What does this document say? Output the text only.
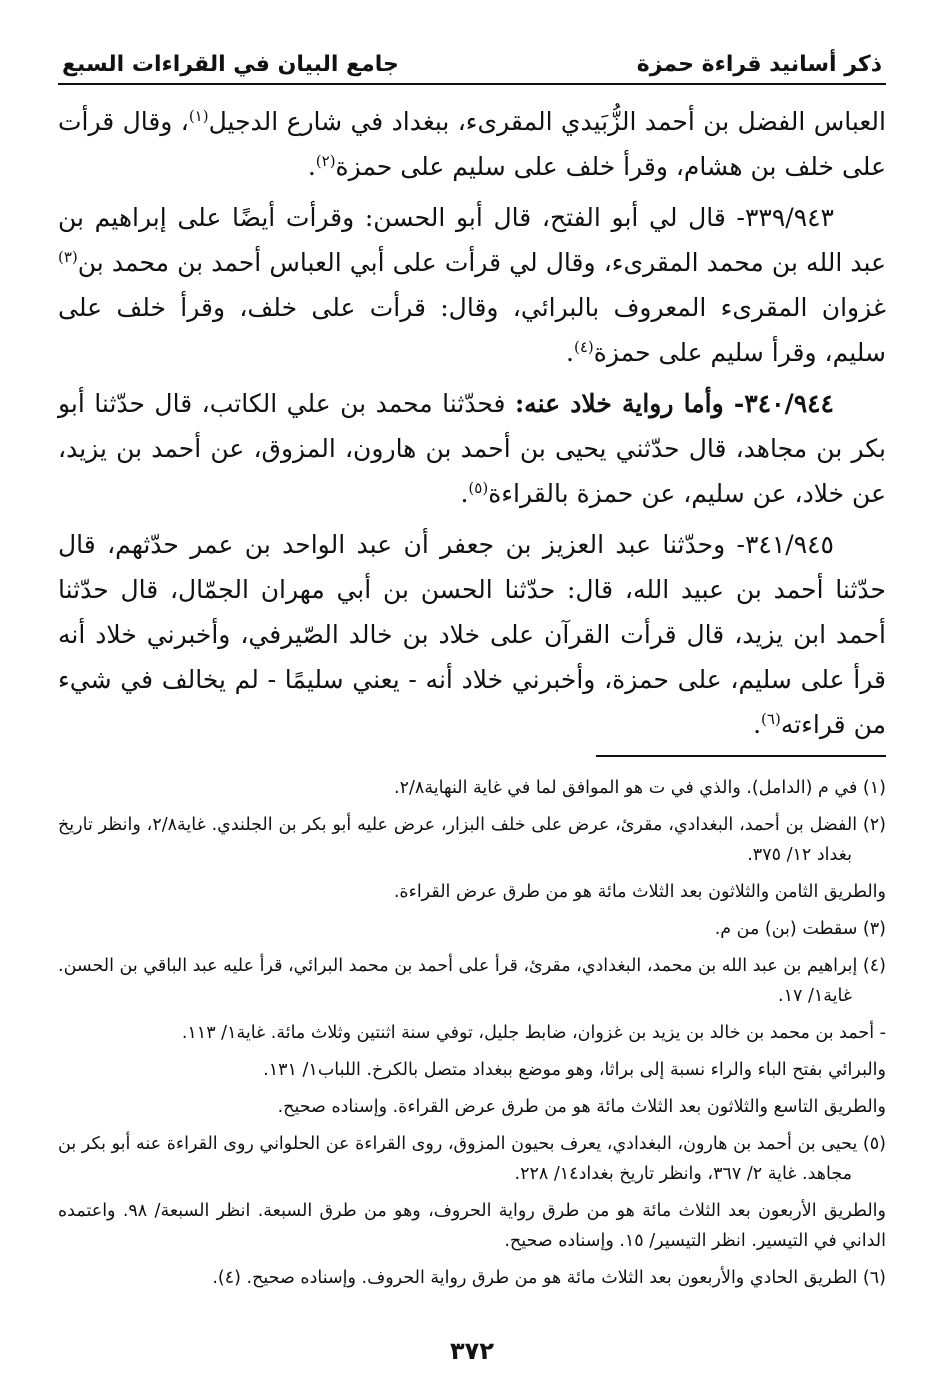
ذكر أسانيد قراءة حمزة
جامع البيان في القراءات السبع

العباس الفضل بن أحمد الزُّبَيدي المقرىء، ببغداد في شارع الدجيل$^{(١)}$، وقال قرأت على خلف بن هشام، وقرأ خلف على سليم على حمزة$^{(٢)}$.

٣٣٩/٩٤٣- قال لي أبو الفتح، قال أبو الحسن: وقرأت أيضًا على إبراهيم بن عبد الله بن محمد المقرىء، وقال لي قرأت على أبي العباس أحمد بن محمد بن$^{(٣)}$ غزوان المقرىء المعروف بالبرائي، وقال: قرأت على خلف، وقرأ خلف على سليم، وقرأ سليم على حمزة$^{(٤)}$.

٣٤٠/٩٤٤- وأما رواية خلاد عنه: فحدّثنا محمد بن علي الكاتب، قال حدّثنا أبو بكر بن مجاهد، قال حدّثني يحيى بن أحمد بن هارون، المزوق، عن أحمد بن يزيد، عن خلاد، عن سليم، عن حمزة بالقراءة$^{(٥)}$.

٣٤١/٩٤٥- وحدّثنا عبد العزيز بن جعفر أن عبد الواحد بن عمر حدّثهم، قال حدّثنا أحمد بن عبيد الله، قال: حدّثنا الحسن بن أبي مهران الجمّال، قال حدّثنا أحمد ابن يزيد، قال قرأت القرآن على خلاد بن خالد الصّيرفي، وأخبرني خلاد أنه قرأ على سليم، على حمزة، وأخبرني خلاد أنه - يعني سليمًا - لم يخالف في شيء من قراءته$^{(٦)}$.

(١) في م (الدامل). والذي في ت هو الموافق لما في غاية النهاية٢/٨.

(٢) الفضل بن أحمد، البغدادي، مقرئ، عرض على خلف البزار، عرض عليه أبو بكر بن الجلندي. غاية٢/٨، وانظر تاريخ بغداد ١٢/ ٣٧٥.

والطريق الثامن والثلاثون بعد الثلاث مائة هو من طرق عرض القراءة.

(٣) سقطت (بن) من م.

(٤) إبراهيم بن عبد الله بن محمد، البغدادي، مقرئ، قرأ على أحمد بن محمد البرائي، قرأ عليه عبد الباقي بن الحسن. غاية١/ ١٧.

- أحمد بن محمد بن خالد بن يزيد بن غزوان، ضابط جليل، توفي سنة اثنتين وثلاث مائة. غاية١/ ١١٣.

والبرائي بفتح الباء والراء نسبة إلى براثا، وهو موضع ببغداد متصل بالكرخ. اللباب١/ ١٣١.

والطريق التاسع والثلاثون بعد الثلاث مائة هو من طرق عرض القراءة. وإسناده صحيح.

(٥) يحيى بن أحمد بن هارون، البغدادي، يعرف بحيون المزوق، روى القراءة عن الحلواني روى القراءة عنه أبو بكر بن مجاهد. غاية ٢/ ٣٦٧، وانظر تاريخ بغداد١٤/ ٢٢٨.

والطريق الأربعون بعد الثلاث مائة هو من طرق رواية الحروف، وهو من طرق السبعة. انظر السبعة/ ٩٨. واعتمده الداني في التيسير. انظر التيسير/ ١٥. وإسناده صحيح.

(٦) الطريق الحادي والأربعون بعد الثلاث مائة هو من طرق رواية الحروف. وإسناده صحيح. (٤).

٣٧٢
